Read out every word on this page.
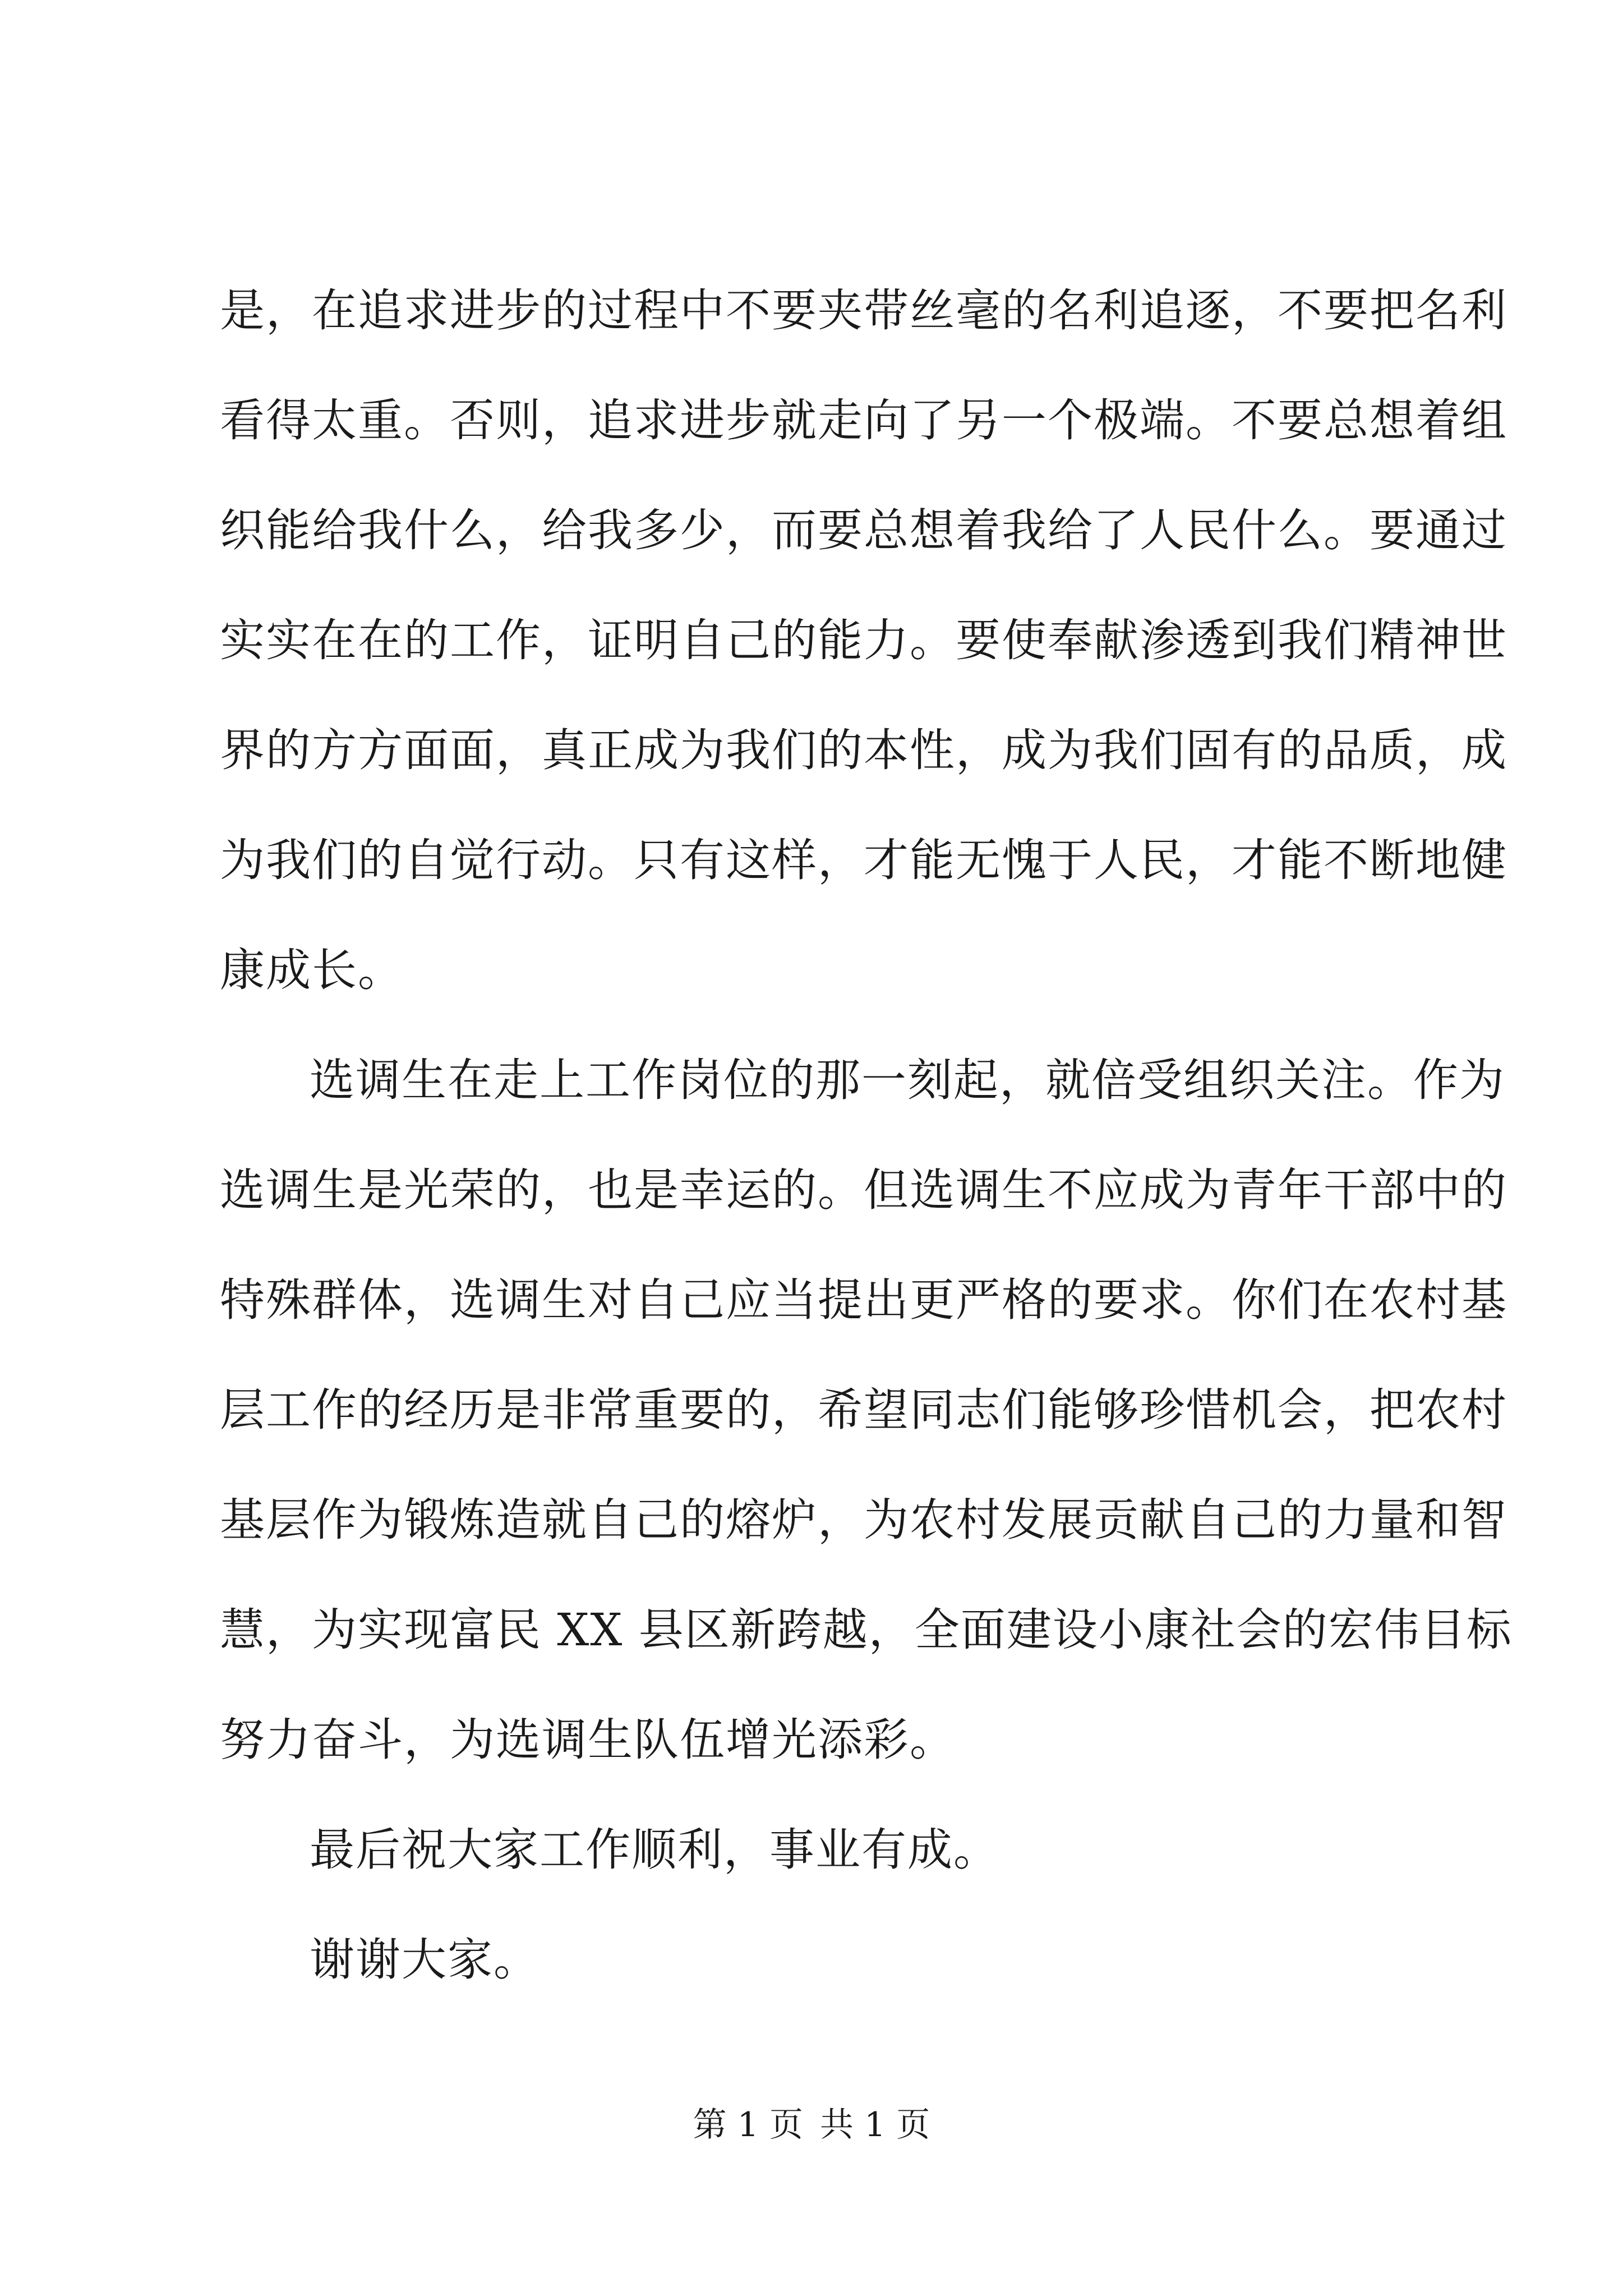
是，在追求进步的过程中不要夹带丝毫的名利追逐，不要把名利
看得太重。否则，追求进步就走向了另一个极端。不要总想着组
织能给我什么，给我多少，而要总想着我给了人民什么。要通过
实实在在的工作，证明自己的能力。要使奉献渗透到我们精神世
界的方方面面，真正成为我们的本性，成为我们固有的品质，成
为我们的自觉行动。只有这样，才能无愧于人民，才能不断地健
康成长。
选调生在走上工作岗位的那一刻起，就倍受组织关注。作为
选调生是光荣的，也是幸运的。但选调生不应成为青年干部中的
特殊群体，选调生对自己应当提出更严格的要求。你们在农村基
层工作的经历是非常重要的，希望同志们能够珍惜机会，把农村
基层作为锻炼造就自己的熔炉，为农村发展贡献自己的力量和智
慧，为实现富民 XX 县区新跨越，全面建设小康社会的宏伟目标
努力奋斗，为选调生队伍增光添彩。
最后祝大家工作顺利，事业有成。
谢谢大家。
第 1 页 共 1 页
